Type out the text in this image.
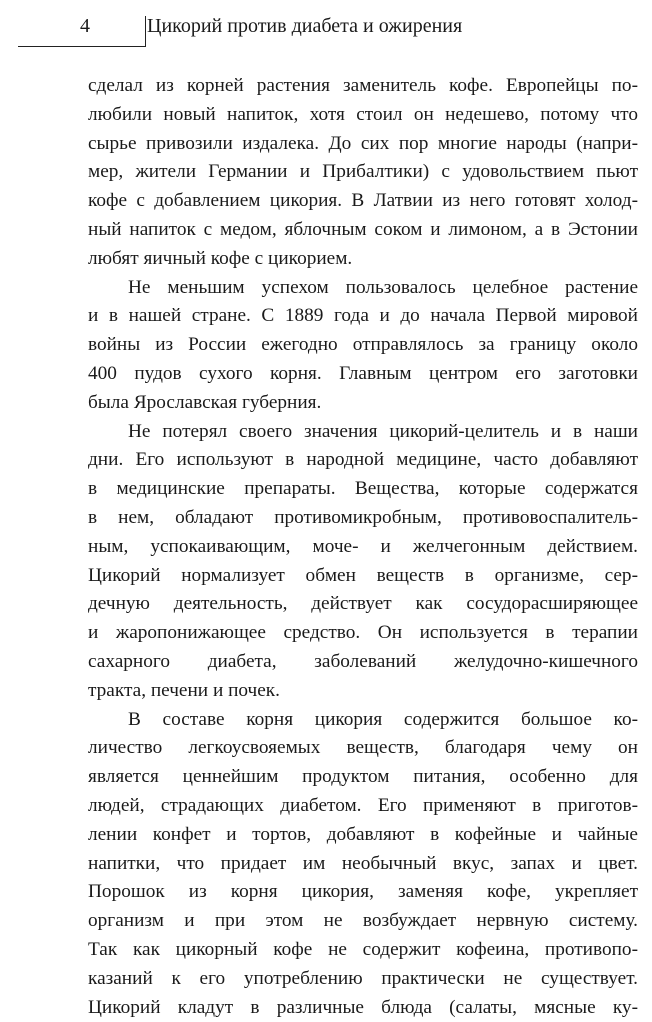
4	Цикорий против диабета и ожирения
сделал из корней растения заменитель кофе. Европейцы по-
любили новый напиток, хотя стоил он недешево, потому что
сырье привозили издалека. До сих пор многие народы (напри-
мер, жители Германии и Прибалтики) с удовольствием пьют
кофе с добавлением цикория. В Латвии из него готовят холод-
ный напиток с медом, яблочным соком и лимоном, а в Эстонии
любят яичный кофе с цикорием.
Не меньшим успехом пользовалось целебное растение
и в нашей стране. С 1889 года и до начала Первой мировой
войны из России ежегодно отправлялось за границу около
400 пудов сухого корня. Главным центром его заготовки
была Ярославская губерния.
Не потерял своего значения цикорий-целитель и в наши
дни. Его используют в народной медицине, часто добавляют
в медицинские препараты. Вещества, которые содержатся
в нем, обладают противомикробным, противовоспалитель-
ным, успокаивающим, моче- и желчегонным действием.
Цикорий нормализует обмен веществ в организме, сер-
дечную деятельность, действует как сосудорасширяющее
и жаропонижающее средство. Он используется в терапии
сахарного диабета, заболеваний желудочно-кишечного
тракта, печени и почек.
В составе корня цикория содержится большое ко-
личество легкоусвояемых веществ, благодаря чему он
является ценнейшим продуктом питания, особенно для
людей, страдающих диабетом. Его применяют в приготов-
лении конфет и тортов, добавляют в кофейные и чайные
напитки, что придает им необычный вкус, запах и цвет.
Порошок из корня цикория, заменяя кофе, укрепляет
организм и при этом не возбуждает нервную систему.
Так как цикорный кофе не содержит кофеина, противопо-
казаний к его употреблению практически не существует.
Цикорий кладут в различные блюда (салаты, мясные ку-
